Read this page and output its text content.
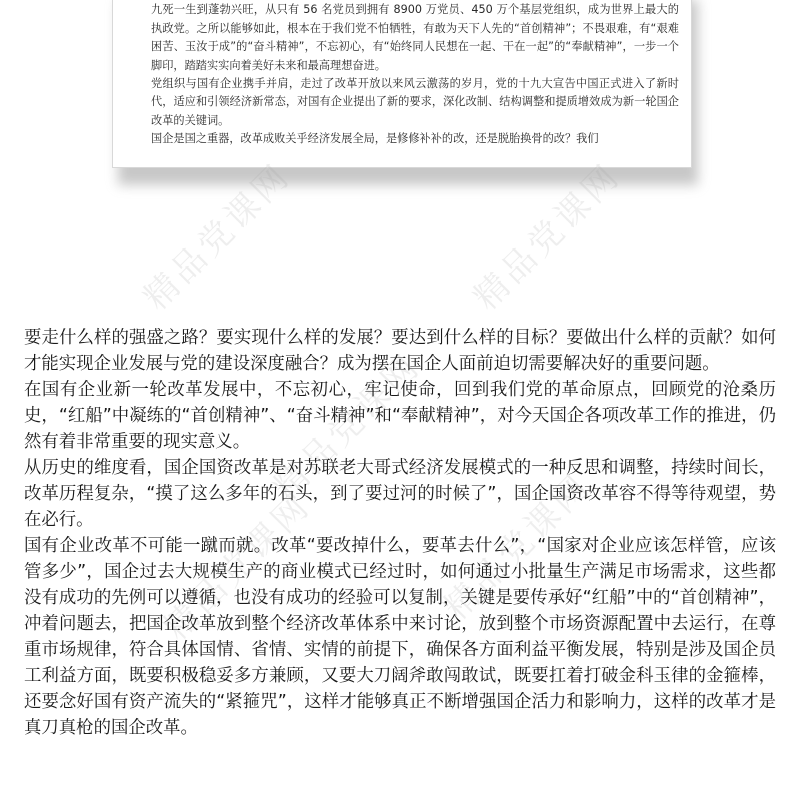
九死一生到蓬勃兴旺，从只有 56 名党员到拥有 8900 万党员、450 万个基层党组织，成为世界上最大的执政党。之所以能够如此，根本在于我们党不怕牺牲，有敢为天下人先的“首创精神”；不畏艰难，有“艰难困苦、玉汝于成”的“奋斗精神”，不忘初心，有“始终同人民想在一起、干在一起”的“奉献精神”，一步一个脚印，踏踏实实向着美好未来和最高理想奋进。

党组织与国有企业携手并肩，走过了改革开放以来风云激荡的岁月，党的十九大宣告中国正式进入了新时代，适应和引领经济新常态，对国有企业提出了新的要求，深化改制、结构调整和提质增效成为新一轮国企改革的关键词。

国企是国之重器，改革成败关乎经济发展全局，是修修补补的改，还是脱胎换骨的改？我们

精品党课网	精品党课网
精品党课网
精品党课网
精品党课网

要走什么样的强盛之路？要实现什么样的发展？要达到什么样的目标？要做出什么样的贡献？如何才能实现企业发展与党的建设深度融合？成为摆在国企人面前迫切需要解决好的重要问题。

在国有企业新一轮改革发展中，不忘初心，牢记使命，回到我们党的革命原点，回顾党的沧桑历史，“红船”中凝练的“首创精神”、“奋斗精神”和“奉献精神”，对今天国企各项改革工作的推进，仍然有着非常重要的现实意义。

从历史的维度看，国企国资改革是对苏联老大哥式经济发展模式的一种反思和调整，持续时间长，改革历程复杂，“摸了这么多年的石头，到了要过河的时候了”，国企国资改革容不得等待观望，势在必行。

国有企业改革不可能一蹴而就。改革“要改掉什么，要革去什么”，“国家对企业应该怎样管，应该管多少”，国企过去大规模生产的商业模式已经过时，如何通过小批量生产满足市场需求，这些都没有成功的先例可以遵循，也没有成功的经验可以复制，关键是要传承好“红船”中的“首创精神”，冲着问题去，把国企改革放到整个经济改革体系中来讨论，放到整个市场资源配置中去运行，在尊重市场规律，符合具体国情、省情、实情的前提下，确保各方面利益平衡发展，特别是涉及国企员工利益方面，既要积极稳妥多方兼顾，又要大刀阔斧敢闯敢试，既要扛着打破金科玉律的金箍棒，还要念好国有资产流失的“紧箍咒”，这样才能够真正不断增强国企活力和影响力，这样的改革才是真刀真枪的国企改革。
